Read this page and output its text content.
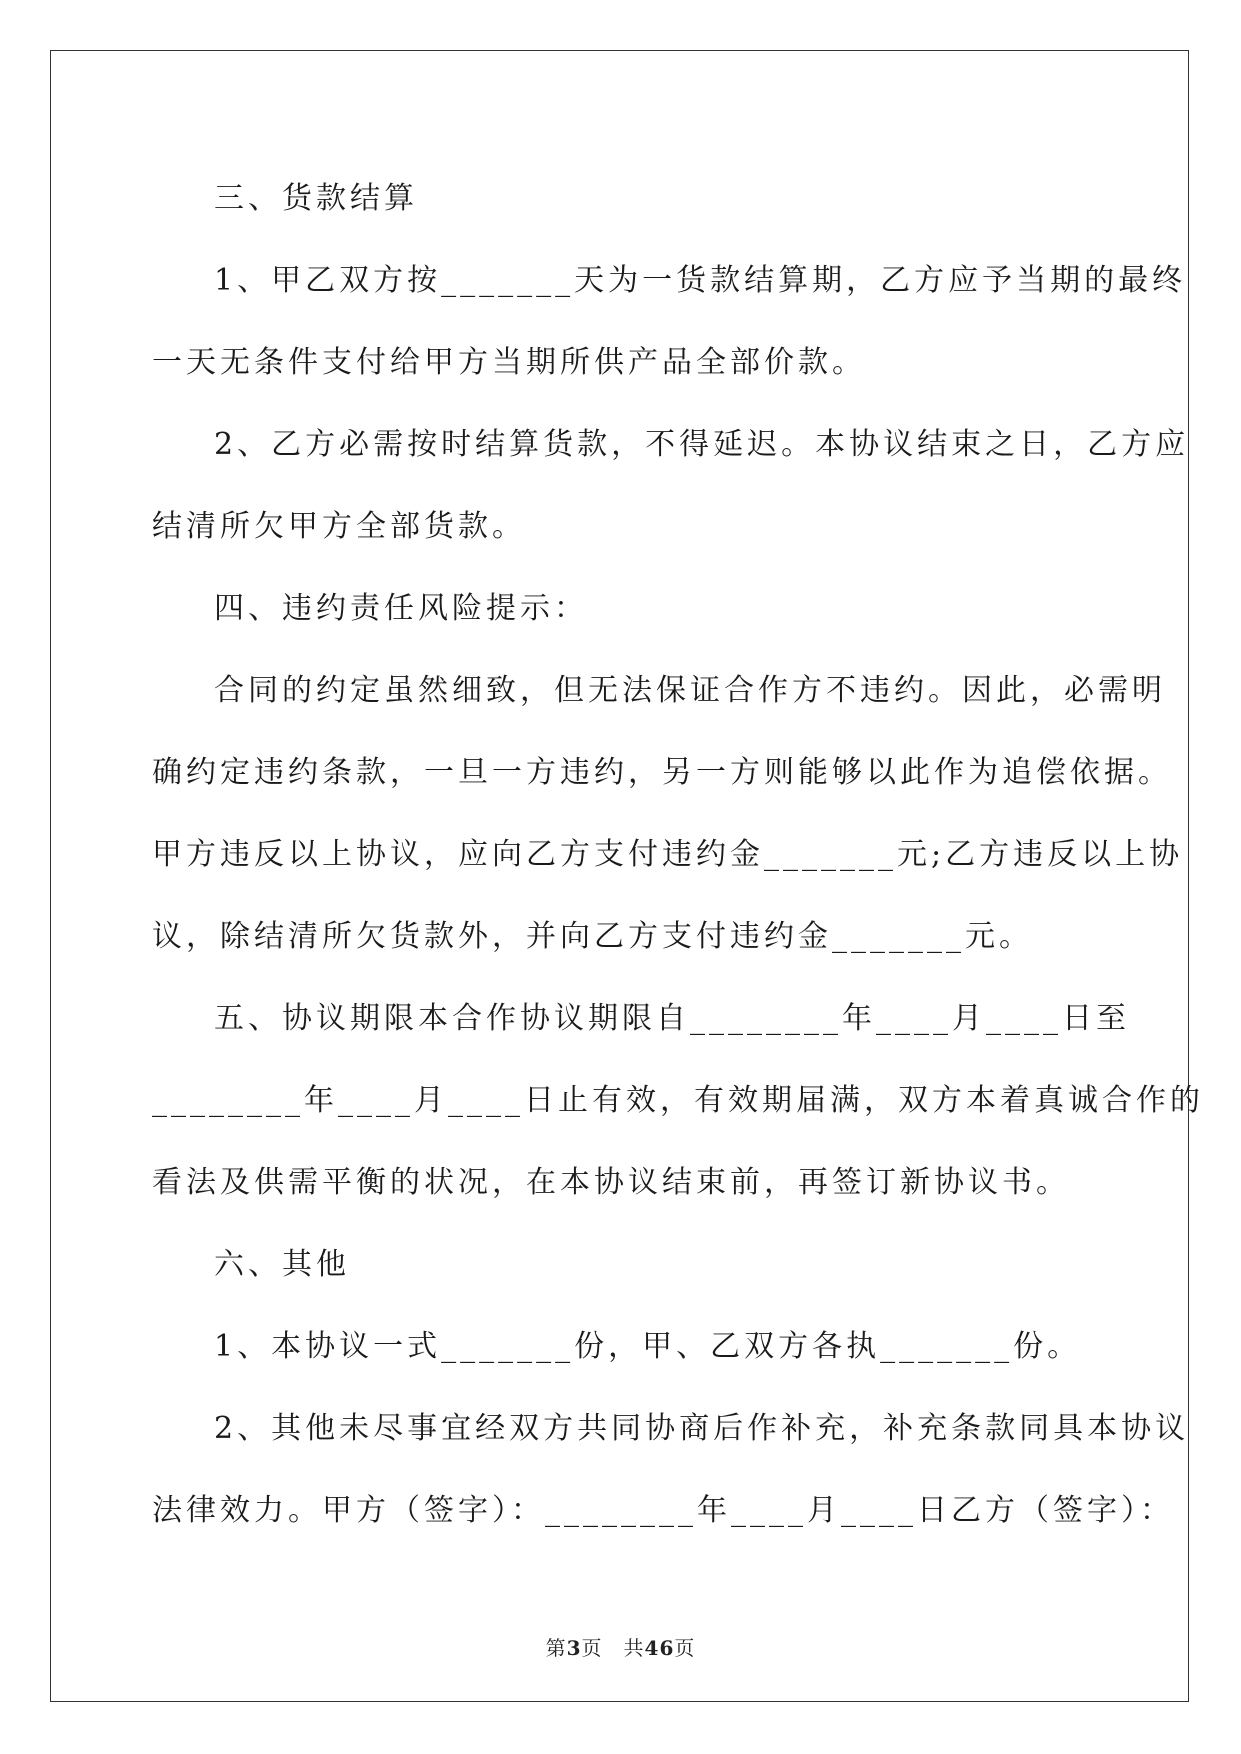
三、货款结算

1、甲乙双方按_______天为一货款结算期，乙方应予当期的最终

一天无条件支付给甲方当期所供产品全部价款。

2、乙方必需按时结算货款，不得延迟。本协议结束之日，乙方应

结清所欠甲方全部货款。

四、违约责任风险提示：

合同的约定虽然细致，但无法保证合作方不违约。因此，必需明

确约定违约条款，一旦一方违约，另一方则能够以此作为追偿依据。

甲方违反以上协议，应向乙方支付违约金_______元;乙方违反以上协

议，除结清所欠货款外，并向乙方支付违约金_______元。

五、协议期限本合作协议期限自________年____月____日至

________年____月____日止有效，有效期届满，双方本着真诚合作的

看法及供需平衡的状况，在本协议结束前，再签订新协议书。

六、其他

1、本协议一式_______份，甲、乙双方各执_______份。

2、其他未尽事宜经双方共同协商后作补充，补充条款同具本协议

法律效力。甲方（签字）：________年____月____日乙方（签字）：

第3页　共46页
